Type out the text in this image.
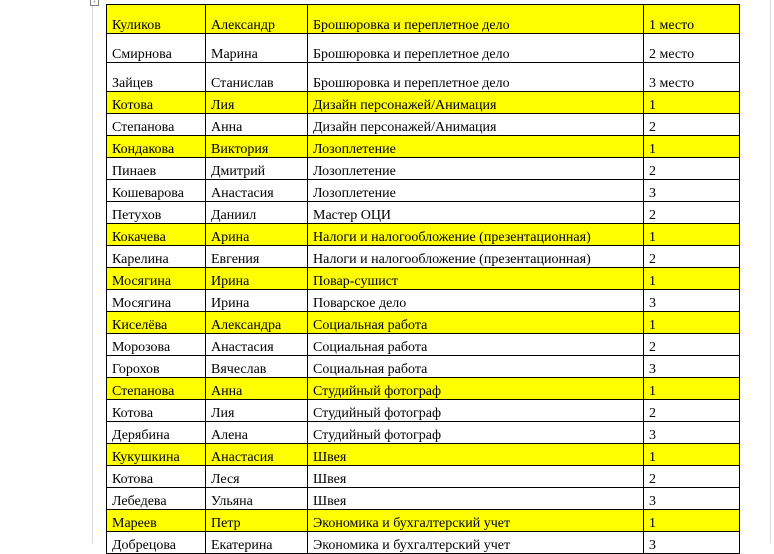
+
Куликов	Александр	Брошюровка и переплетное дело	1 место
Смирнова	Марина	Брошюровка и переплетное дело	2 место
Зайцев	Станислав	Брошюровка и переплетное дело	3 место
Котова	Лия	Дизайн персонажей/Анимация	1
Степанова	Анна	Дизайн персонажей/Анимация	2
Кондакова	Виктория	Лозоплетение	1
Пинаев	Дмитрий	Лозоплетение	2
Кошеварова	Анастасия	Лозоплетение	3
Петухов	Даниил	Мастер ОЦИ	2
Кокачева	Арина	Налоги и налогообложение (презентационная)	1
Карелина	Евгения	Налоги и налогообложение (презентационная)	2
Мосягина	Ирина	Повар-сушист	1
Мосягина	Ирина	Поварское дело	3
Киселёва	Александра	Социальная работа	1
Морозова	Анастасия	Социальная работа	2
Горохов	Вячеслав	Социальная работа	3
Степанова	Анна	Студийный фотограф	1
Котова	Лия	Студийный фотограф	2
Дерябина	Алена	Студийный фотограф	3
Кукушкина	Анастасия	Швея	1
Котова	Леся	Швея	2
Лебедева	Ульяна	Швея	3
Мареев	Петр	Экономика и бухгалтерский учет	1
Добрецова	Екатерина	Экономика и бухгалтерский учет	3
